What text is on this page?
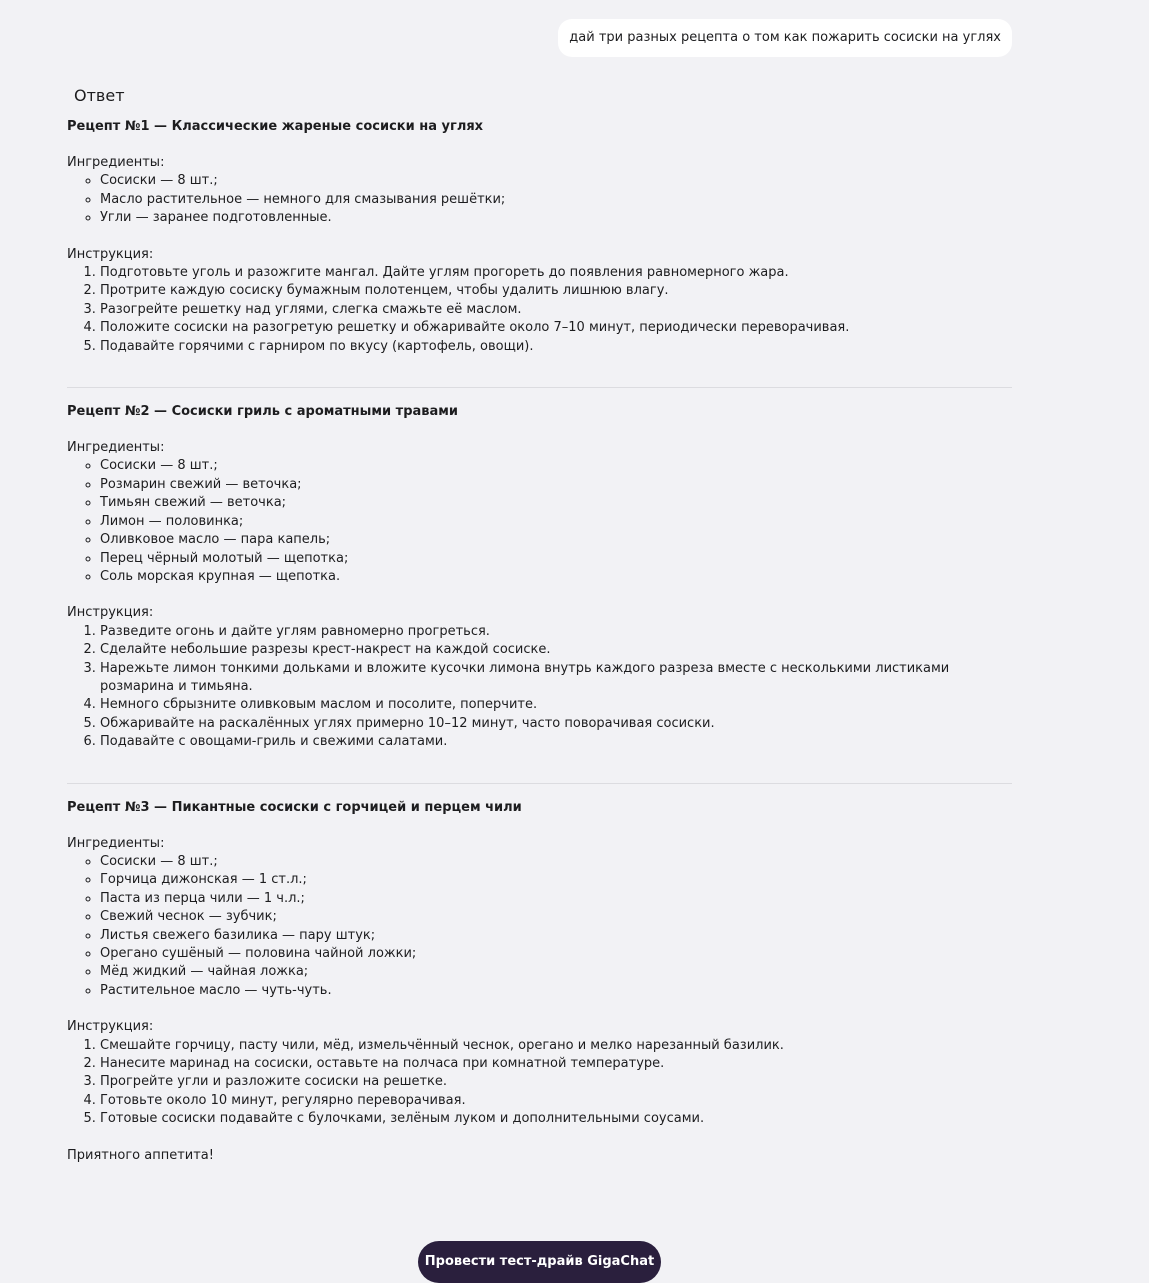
дай три разных рецепта о том как пожарить сосиски на углях
Ответ

Рецепт №1 — Классические жареные сосиски на углях

Ингредиенты:

◦ Сосиски — 8 шт.;
◦ Масло растительное — немного для смазывания решётки;
◦ Угли — заранее подготовленные.

Инструкция:

1. Подготовьте уголь и разожгите мангал. Дайте углям прогореть до появления равномерного жара.
2. Протрите каждую сосиску бумажным полотенцем, чтобы удалить лишнюю влагу.
3. Разогрейте решетку над углями, слегка смажьте её маслом.
4. Положите сосиски на разогретую решетку и обжаривайте около 7–10 минут, периодически переворачивая.
5. Подавайте горячими с гарниром по вкусу (картофель, овощи).

Рецепт №2 — Сосиски гриль с ароматными травами

Ингредиенты:

◦ Сосиски — 8 шт.;
◦ Розмарин свежий — веточка;
◦ Тимьян свежий — веточка;
◦ Лимон — половинка;
◦ Оливковое масло — пара капель;
◦ Перец чёрный молотый — щепотка;
◦ Соль морская крупная — щепотка.

Инструкция:

1. Разведите огонь и дайте углям равномерно прогреться.
2. Сделайте небольшие разрезы крест-накрест на каждой сосиске.
3. Нарежьте лимон тонкими дольками и вложите кусочки лимона внутрь каждого разреза вместе с несколькими листиками розмарина и тимьяна.
4. Немного сбрызните оливковым маслом и посолите, поперчите.
5. Обжаривайте на раскалённых углях примерно 10–12 минут, часто поворачивая сосиски.
6. Подавайте с овощами-гриль и свежими салатами.

Рецепт №3 — Пикантные сосиски с горчицей и перцем чили

Ингредиенты:

◦ Сосиски — 8 шт.;
◦ Горчица дижонская — 1 ст.л.;
◦ Паста из перца чили — 1 ч.л.;
◦ Свежий чеснок — зубчик;
◦ Листья свежего базилика — пару штук;
◦ Орегано сушёный — половина чайной ложки;
◦ Мёд жидкий — чайная ложка;
◦ Растительное масло — чуть-чуть.

Инструкция:

1. Смешайте горчицу, пасту чили, мёд, измельчённый чеснок, орегано и мелко нарезанный базилик.
2. Нанесите маринад на сосиски, оставьте на полчаса при комнатной температуре.
3. Прогрейте угли и разложите сосиски на решетке.
4. Готовьте около 10 минут, регулярно переворачивая.
5. Готовые сосиски подавайте с булочками, зелёным луком и дополнительными соусами.

Приятного аппетита!

Провести тест-драйв GigaChat
